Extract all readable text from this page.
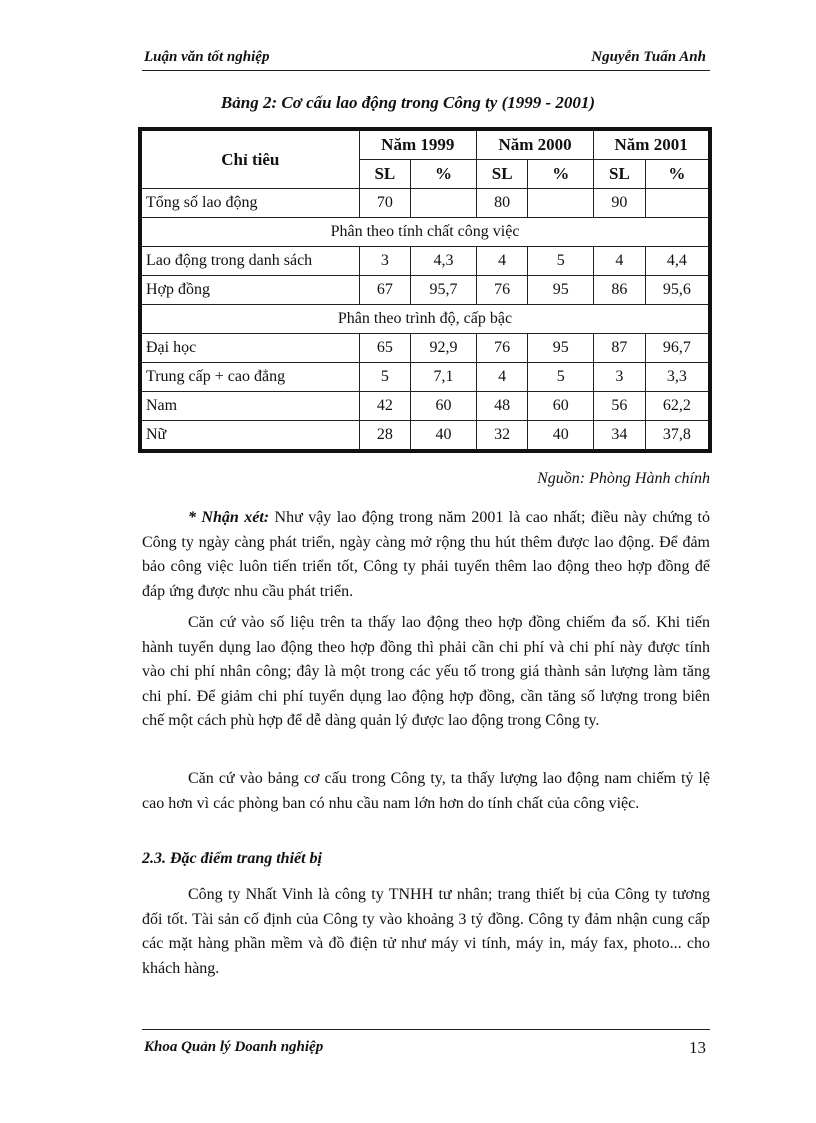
Luận văn tốt nghiệp	Nguyễn Tuấn Anh
Bảng 2: Cơ cấu lao động trong Công ty (1999 - 2001)
Chỉ tiêu	Năm 1999		Năm 2000		Năm 2001	
	SL	%	SL	%	SL	%
Tổng số lao động	70		80		90	
Phân theo tính chất công việc						
Lao động trong danh sách	3	4,3	4	5	4	4,4
Hợp đồng	67	95,7	76	95	86	95,6
Phân theo trình độ, cấp bậc						
Đại học	65	92,9	76	95	87	96,7
Trung cấp + cao đẳng	5	7,1	4	5	3	3,3
Nam	42	60	48	60	56	62,2
Nữ	28	40	32	40	34	37,8
Nguồn: Phòng Hành chính

* Nhận xét: Như vậy lao động trong năm 2001 là cao nhất; điều này chứng tỏ Công ty ngày càng phát triển, ngày càng mở rộng thu hút thêm được lao động. Để đảm bảo công việc luôn tiến triển tốt, Công ty phải tuyển thêm lao động theo hợp đồng để đáp ứng được nhu cầu phát triển.

Căn cứ vào số liệu trên ta thấy lao động theo hợp đồng chiếm đa số. Khi tiến hành tuyển dụng lao động theo hợp đồng thì phải cần chi phí và chi phí này được tính vào chi phí nhân công; đây là một trong các yếu tố trong giá thành sản lượng làm tăng chi phí. Để giảm chi phí tuyển dụng lao động hợp đồng, cần tăng số lượng trong biên chế một cách phù hợp để dễ dàng quản lý được lao động trong Công ty.

Căn cứ vào bảng cơ cấu trong Công ty, ta thấy lượng lao động nam chiếm tỷ lệ cao hơn vì các phòng ban có nhu cầu nam lớn hơn do tính chất của công việc.

2.3. Đặc điểm trang thiết bị

Công ty Nhất Vinh là công ty TNHH tư nhân; trang thiết bị của Công ty tương đối tốt. Tài sản cố định của Công ty vào khoảng 3 tỷ đồng. Công ty đảm nhận cung cấp các mặt hàng phần mềm và đồ điện tử như máy vi tính, máy in, máy fax, photo... cho khách hàng.

Khoa Quản lý Doanh nghiệp	13
